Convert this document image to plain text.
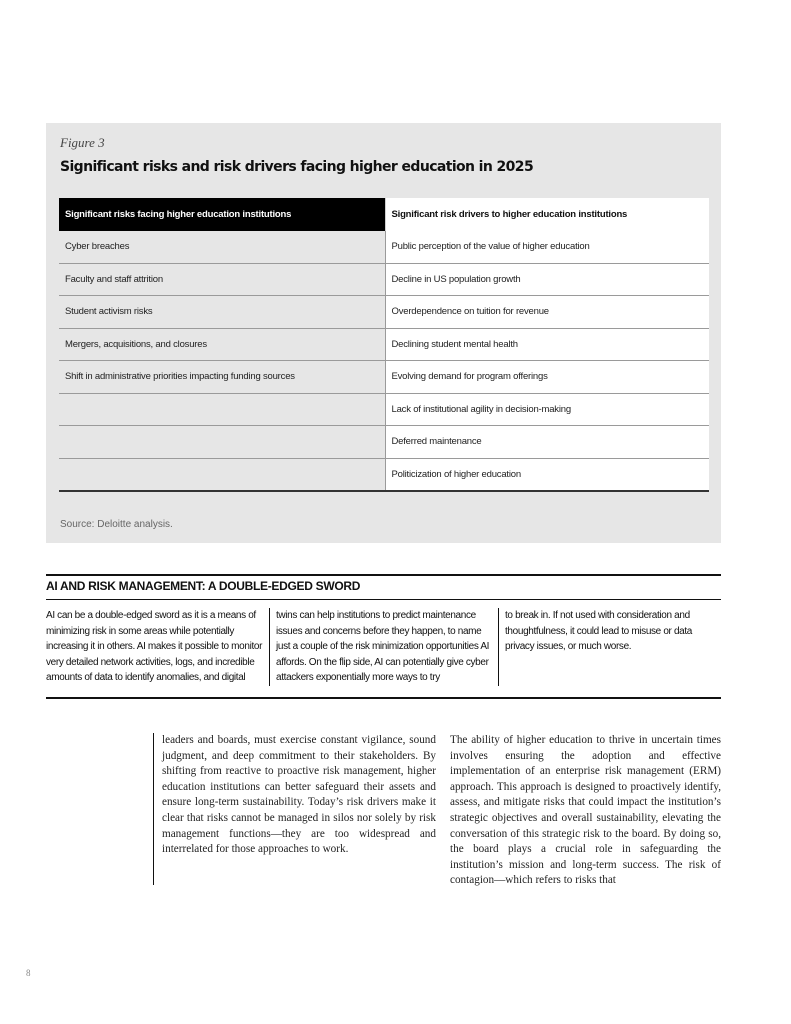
Figure 3
Significant risks and risk drivers facing higher education in 2025
Significant risks facing higher education institutions	Significant risk drivers to higher education institutions
Cyber breaches	Public perception of the value of higher education
Faculty and staff attrition	Decline in US population growth
Student activism risks	Overdependence on tuition for revenue
Mergers, acquisitions, and closures	Declining student mental health
Shift in administrative priorities impacting funding sources	Evolving demand for program offerings
	Lack of institutional agility in decision-making
	Deferred maintenance
	Politicization of higher education
Source: Deloitte analysis.
AI AND RISK MANAGEMENT: A DOUBLE-EDGED SWORD

AI can be a double-edged sword as it is a means of minimizing risk in some areas while potentially increasing it in others. AI makes it possible to monitor very detailed network activities, logs, and incredible amounts of data to identify anomalies, and digital

twins can help institutions to predict maintenance issues and concerns before they happen, to name just a couple of the risk minimization opportunities AI affords. On the flip side, AI can potentially give cyber attackers exponentially more ways to try

to break in. If not used with consideration and thoughtfulness, it could lead to misuse or data privacy issues, or much worse.

leaders and boards, must exercise constant vigilance, sound judgment, and deep commitment to their stakeholders. By shifting from reactive to proactive risk management, higher education institutions can better safeguard their assets and ensure long-term sustainability. Today’s risk drivers make it clear that risks cannot be managed in silos nor solely by risk management functions—they are too widespread and interrelated for those approaches to work.

The ability of higher education to thrive in uncertain times involves ensuring the adoption and effective implementation of an enterprise risk management (ERM) approach. This approach is designed to proactively identify, assess, and mitigate risks that could impact the institution’s strategic objectives and overall sustainability, elevating the conversation of this strategic risk to the board. By doing so, the board plays a crucial role in safeguarding the institution’s mission and long-term success. The risk of contagion—which refers to risks that

8
